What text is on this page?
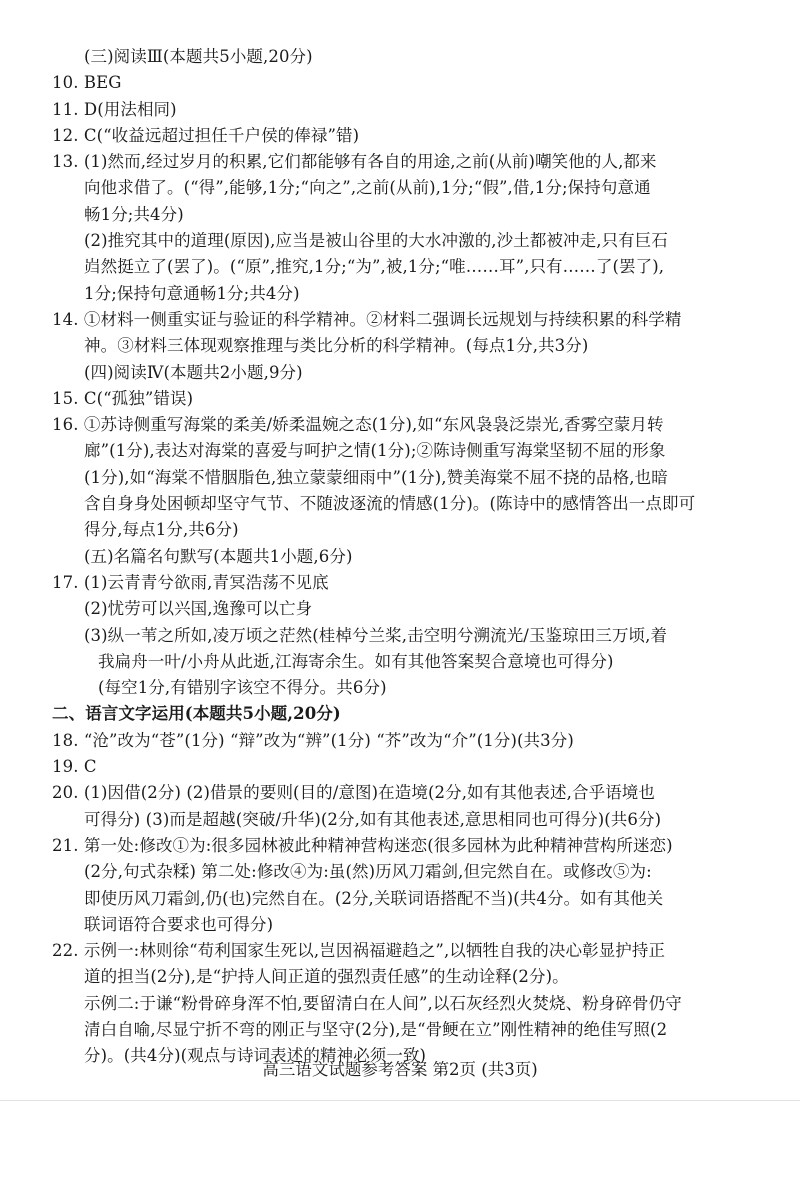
(三)阅读Ⅲ(本题共5小题,20分)
10. BEG
11. D(用法相同)
12. C(“收益远超过担任千户侯的俸禄”错)
13. (1)然而,经过岁月的积累,它们都能够有各自的用途,之前(从前)嘲笑他的人,都来
向他求借了。(“得”,能够,1分;“向之”,之前(从前),1分;“假”,借,1分;保持句意通
畅1分;共4分)
(2)推究其中的道理(原因),应当是被山谷里的大水冲激的,沙土都被冲走,只有巨石
岿然挺立了(罢了)。(“原”,推究,1分;“为”,被,1分;“唯……耳”,只有……了(罢了),
1分;保持句意通畅1分;共4分)
14. ①材料一侧重实证与验证的科学精神。②材料二强调长远规划与持续积累的科学精
神。③材料三体现观察推理与类比分析的科学精神。(每点1分,共3分)
(四)阅读Ⅳ(本题共2小题,9分)
15. C(“孤独”错误)
16. ①苏诗侧重写海棠的柔美/娇柔温婉之态(1分),如“东风袅袅泛崇光,香雾空蒙月转
廊”(1分),表达对海棠的喜爱与呵护之情(1分);②陈诗侧重写海棠坚韧不屈的形象
(1分),如“海棠不惜胭脂色,独立蒙蒙细雨中”(1分),赞美海棠不屈不挠的品格,也暗
含自身身处困顿却坚守气节、不随波逐流的情感(1分)。(陈诗中的感情答出一点即可
得分,每点1分,共6分)
(五)名篇名句默写(本题共1小题,6分)
17. (1)云青青兮欲雨,青冥浩荡不见底
(2)忧劳可以兴国,逸豫可以亡身
(3)纵一苇之所如,凌万顷之茫然(桂棹兮兰桨,击空明兮溯流光/玉鉴琼田三万顷,着
我扁舟一叶/小舟从此逝,江海寄余生。如有其他答案契合意境也可得分)
(每空1分,有错别字该空不得分。共6分)
二、语言文字运用(本题共5小题,20分)
18. “沧”改为“苍”(1分) “辩”改为“辨”(1分) “芥”改为“介”(1分)(共3分)
19. C
20. (1)因借(2分) (2)借景的要则(目的/意图)在造境(2分,如有其他表述,合乎语境也
可得分) (3)而是超越(突破/升华)(2分,如有其他表述,意思相同也可得分)(共6分)
21. 第一处:修改①为:很多园林被此种精神营构迷恋(很多园林为此种精神营构所迷恋)
(2分,句式杂糅) 第二处:修改④为:虽(然)历风刀霜剑,但完然自在。或修改⑤为:
即使历风刀霜剑,仍(也)完然自在。(2分,关联词语搭配不当)(共4分。如有其他关
联词语符合要求也可得分)
22. 示例一:林则徐“苟利国家生死以,岂因祸福避趋之”,以牺牲自我的决心彰显护持正
道的担当(2分),是“护持人间正道的强烈责任感”的生动诠释(2分)。
示例二:于谦“粉骨碎身浑不怕,要留清白在人间”,以石灰经烈火焚烧、粉身碎骨仍守
清白自喻,尽显宁折不弯的刚正与坚守(2分),是“骨鲠在立”刚性精神的绝佳写照(2
分)。(共4分)(观点与诗词表述的精神必须一致)
高三语文试题参考答案 第2页 (共3页)
